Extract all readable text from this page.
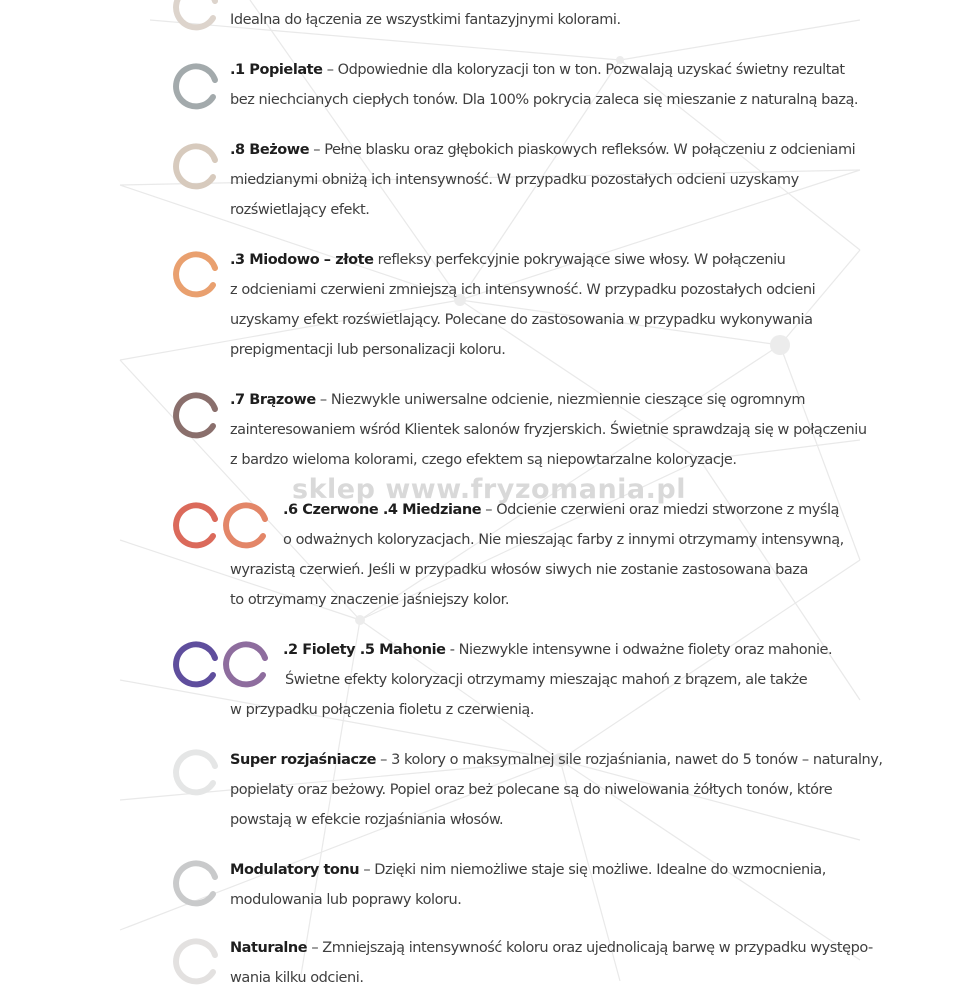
sklep www.fryzomania.pl
Idealna do łączenia ze wszystkimi fantazyjnymi kolorami.
.1 Popielate – Odpowiednie dla koloryzacji ton w ton. Pozwalają uzyskać świetny rezultat
bez niechcianych ciepłych tonów. Dla 100% pokrycia zaleca się mieszanie z naturalną bazą.
.8 Beżowe – Pełne blasku oraz głębokich piaskowych refleksów. W połączeniu z odcieniami
miedzianymi obniżą ich intensywność. W przypadku pozostałych odcieni uzyskamy
rozświetlający efekt.
.3 Miodowo – złote refleksy perfekcyjnie pokrywające siwe włosy. W połączeniu
z odcieniami czerwieni zmniejszą ich intensywność. W przypadku pozostałych odcieni
uzyskamy efekt rozświetlający. Polecane do zastosowania w przypadku wykonywania
prepigmentacji lub personalizacji koloru.
.7 Brązowe – Niezwykle uniwersalne odcienie, niezmiennie cieszące się ogromnym
zainteresowaniem wśród Klientek salonów fryzjerskich. Świetnie sprawdzają się w połączeniu
z bardzo wieloma kolorami, czego efektem są niepowtarzalne koloryzacje.
.6 Czerwone .4 Miedziane – Odcienie czerwieni oraz miedzi stworzone z myślą
o odważnych koloryzacjach. Nie mieszając farby z innymi otrzymamy intensywną,
wyrazistą czerwień. Jeśli w przypadku włosów siwych nie zostanie zastosowana baza
to otrzymamy znaczenie jaśniejszy kolor.
.2 Fiolety .5 Mahonie - Niezwykle intensywne i odważne fiolety oraz mahonie.
Świetne efekty koloryzacji otrzymamy mieszając mahoń z brązem, ale także
w przypadku połączenia fioletu z czerwienią.
Super rozjaśniacze – 3 kolory o maksymalnej sile rozjaśniania, nawet do 5 tonów – naturalny,
popielaty oraz beżowy. Popiel oraz beż polecane są do niwelowania żółtych tonów, które
powstają w efekcie rozjaśniania włosów.
Modulatory tonu – Dzięki nim niemożliwe staje się możliwe. Idealne do wzmocnienia,
modulowania lub poprawy koloru.
Naturalne – Zmniejszają intensywność koloru oraz ujednolicają barwę w przypadku występo-
wania kilku odcieni.
